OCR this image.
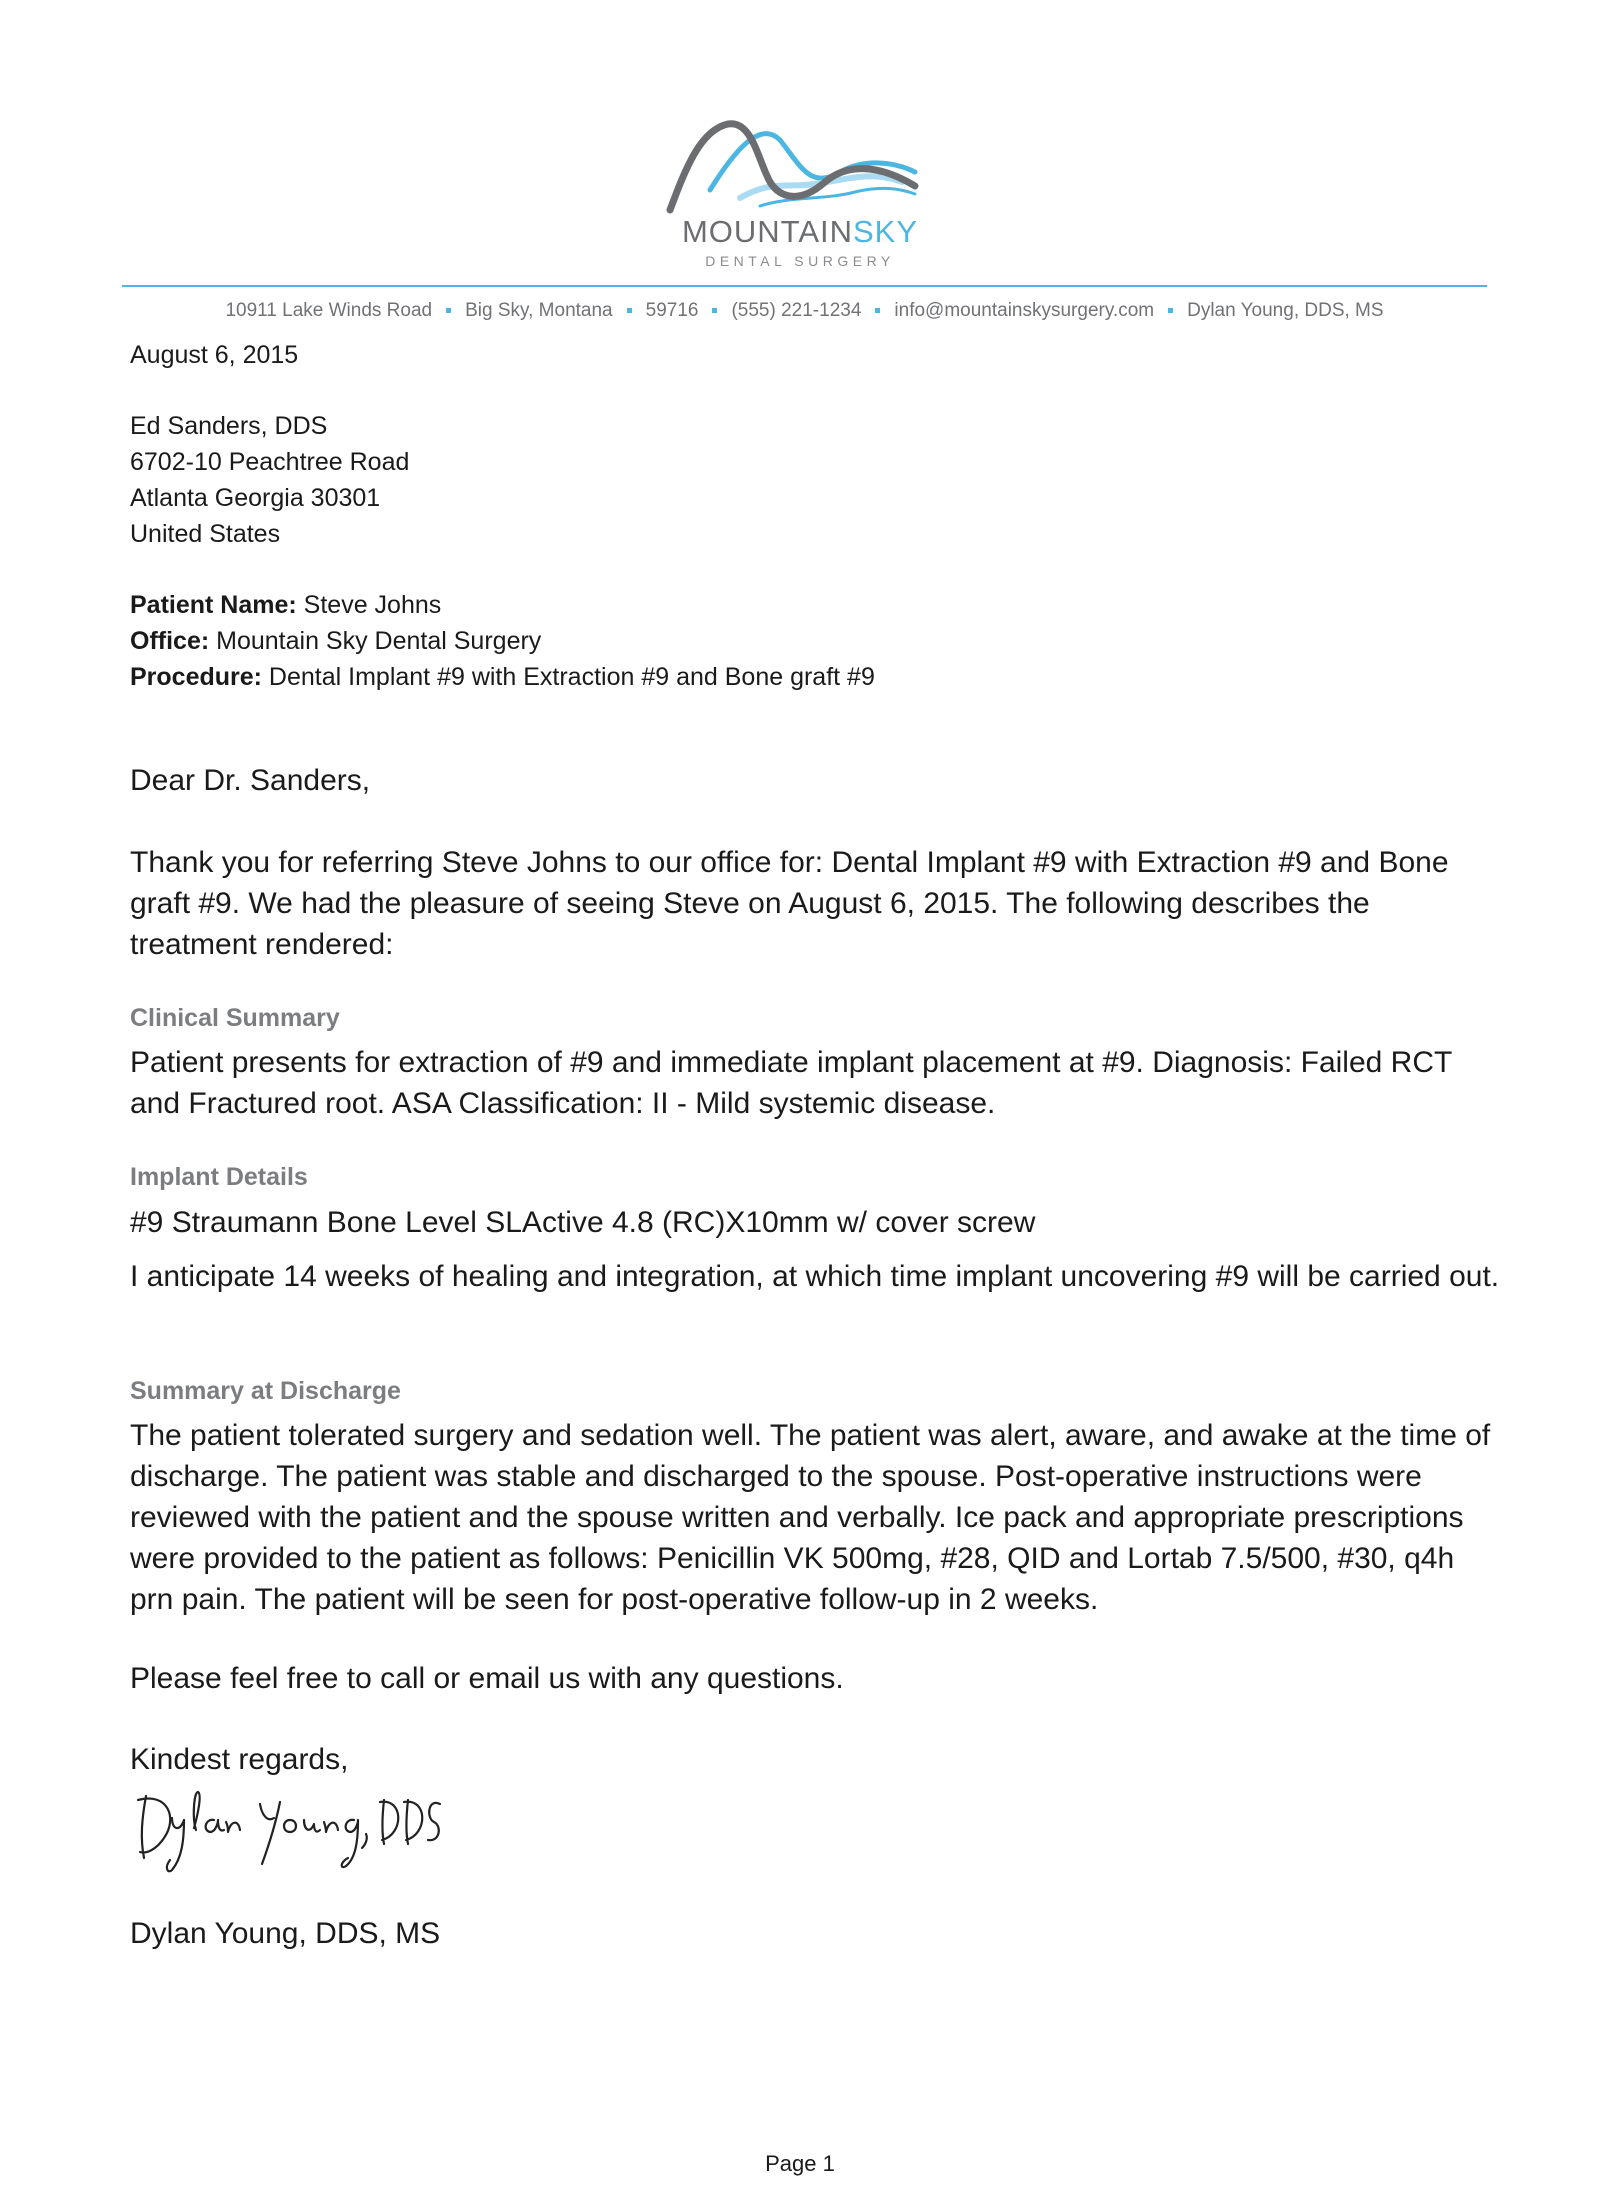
MOUNTAINSKY
DENTAL SURGERY
10911 Lake Winds Road Big Sky, Montana 59716 (555) 221-1234 info@mountainskysurgery.com Dylan Young, DDS, MS
August 6, 2015
Ed Sanders, DDS
6702-10 Peachtree Road
Atlanta Georgia 30301
United States
Patient Name: Steve Johns
Office: Mountain Sky Dental Surgery
Procedure: Dental Implant #9 with Extraction #9 and Bone graft #9
Dear Dr. Sanders,
Thank you for referring Steve Johns to our office for: Dental Implant #9 with Extraction #9 and Bone graft #9. We had the pleasure of seeing Steve on August 6, 2015. The following describes the treatment rendered:
Clinical Summary
Patient presents for extraction of #9 and immediate implant placement at #9. Diagnosis: Failed RCT and Fractured root. ASA Classification: II - Mild systemic disease.
Implant Details
#9 Straumann Bone Level SLActive 4.8 (RC)X10mm w/ cover screw
I anticipate 14 weeks of healing and integration, at which time implant uncovering #9 will be carried out.
Summary at Discharge
The patient tolerated surgery and sedation well. The patient was alert, aware, and awake at the time of discharge. The patient was stable and discharged to the spouse. Post-operative instructions were reviewed with the patient and the spouse written and verbally. Ice pack and appropriate prescriptions were provided to the patient as follows: Penicillin VK 500mg, #28, QID and Lortab 7.5/500, #30, q4h prn pain. The patient will be seen for post-operative follow-up in 2 weeks.
Please feel free to call or email us with any questions.
Kindest regards,
Dylan Young, DDS, MS
Page 1
